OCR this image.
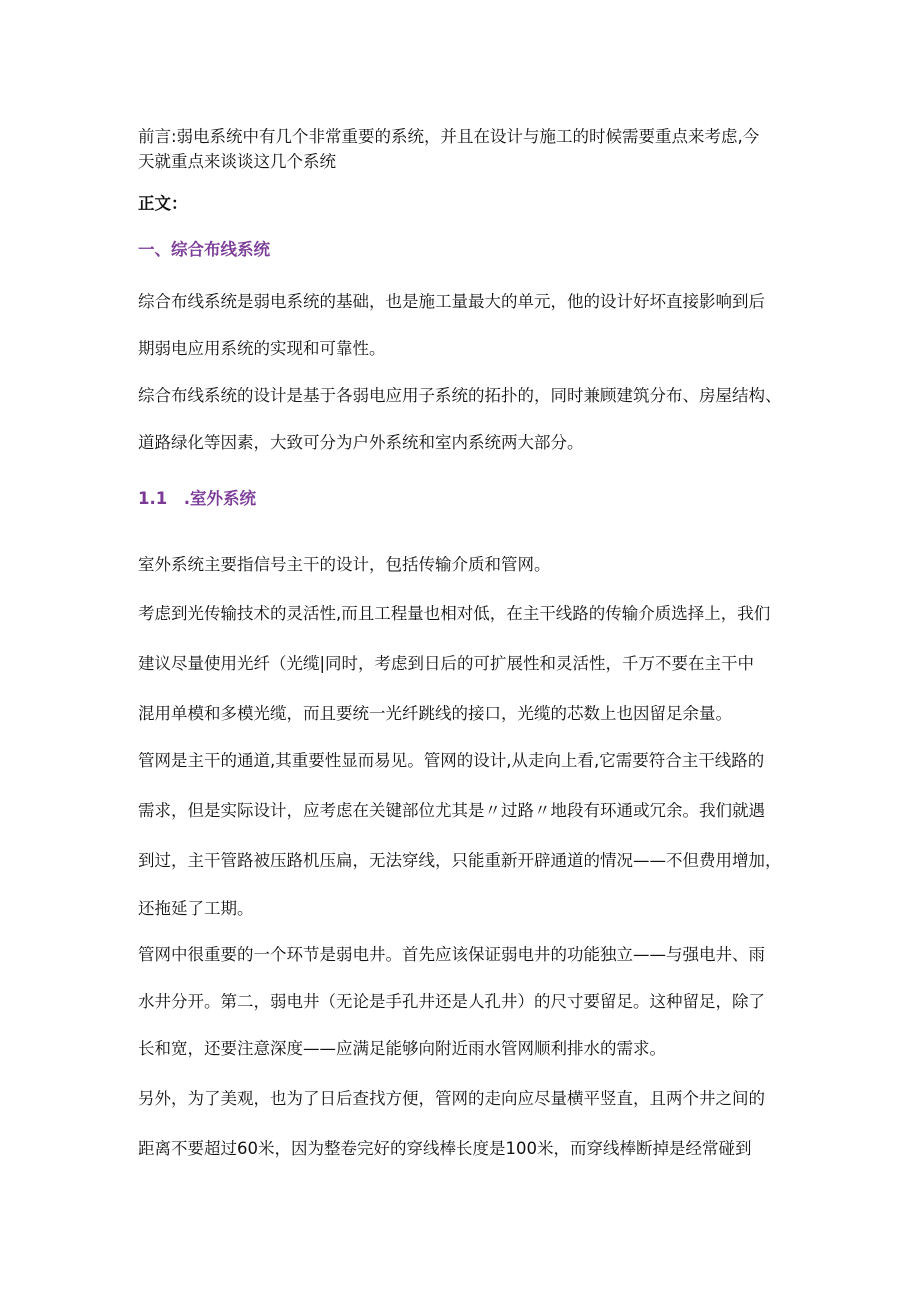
前言:弱电系统中有几个非常重要的系统，并且在设计与施工的时候需要重点来考虑,今
天就重点来谈谈这几个系统
正文：
一、综合布线系统
综合布线系统是弱电系统的基础，也是施工量最大的单元，他的设计好坏直接影响到后
期弱电应用系统的实现和可靠性。
综合布线系统的设计是基于各弱电应用子系统的拓扑的，同时兼顾建筑分布、房屋结构、
道路绿化等因素，大致可分为户外系统和室内系统两大部分。
1.1　.室外系统
室外系统主要指信号主干的设计，包括传输介质和管网。
考虑到光传输技术的灵活性,而且工程量也相对低，在主干线路的传输介质选择上，我们
建议尽量使用光纤（光缆|同时，考虑到日后的可扩展性和灵活性，千万不要在主干中
混用单模和多模光缆，而且要统一光纤跳线的接口，光缆的芯数上也因留足余量。
管网是主干的通道,其重要性显而易见。管网的设计,从走向上看,它需要符合主干线路的
需求，但是实际设计，应考虑在关键部位尤其是〃过路〃地段有环通或冗余。我们就遇
到过，主干管路被压路机压扁，无法穿线，只能重新开辟通道的情况——不但费用增加，
还拖延了工期。
管网中很重要的一个环节是弱电井。首先应该保证弱电井的功能独立——与强电井、雨
水井分开。第二，弱电井（无论是手孔井还是人孔井）的尺寸要留足。这种留足，除了
长和宽，还要注意深度——应满足能够向附近雨水管网顺利排水的需求。
另外，为了美观，也为了日后查找方便，管网的走向应尽量横平竖直，且两个井之间的
距离不要超过60米，因为整卷完好的穿线棒长度是100米，而穿线棒断掉是经常碰到
